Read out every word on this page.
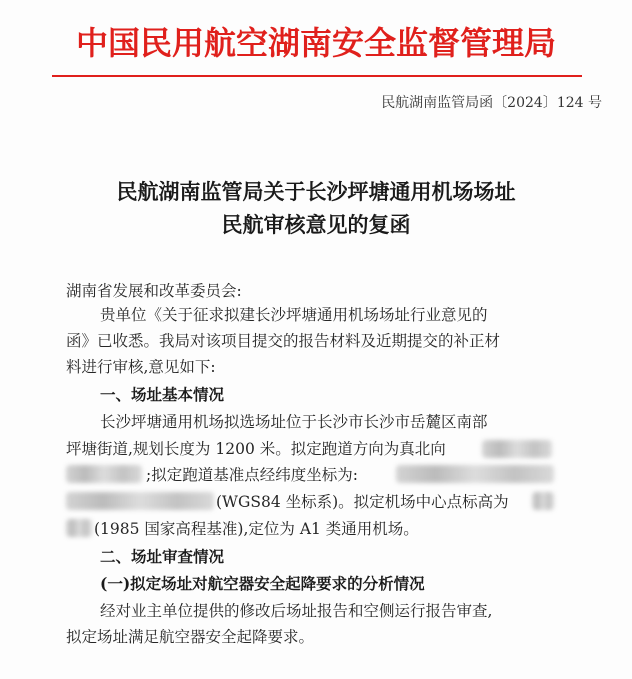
中国民用航空湖南安全监督管理局
民航湖南监管局函〔2024〕124 号
民航湖南监管局关于长沙坪塘通用机场场址
民航审核意见的复函
湖南省发展和改革委员会:
贵单位《关于征求拟建长沙坪塘通用机场场址行业意见的
函》已收悉。我局对该项目提交的报告材料及近期提交的补正材
料进行审核,意见如下:
一、场址基本情况
长沙坪塘通用机场拟选场址位于长沙市长沙市岳麓区南部
坪塘街道,规划长度为 1200 米。拟定跑道方向为真北向
;拟定跑道基准点经纬度坐标为:
(WGS84 坐标系)。拟定机场中心点标高为
(1985 国家高程基准),定位为 A1 类通用机场。
二、场址审查情况
(一)拟定场址对航空器安全起降要求的分析情况
经对业主单位提供的修改后场址报告和空侧运行报告审查,
拟定场址满足航空器安全起降要求。
